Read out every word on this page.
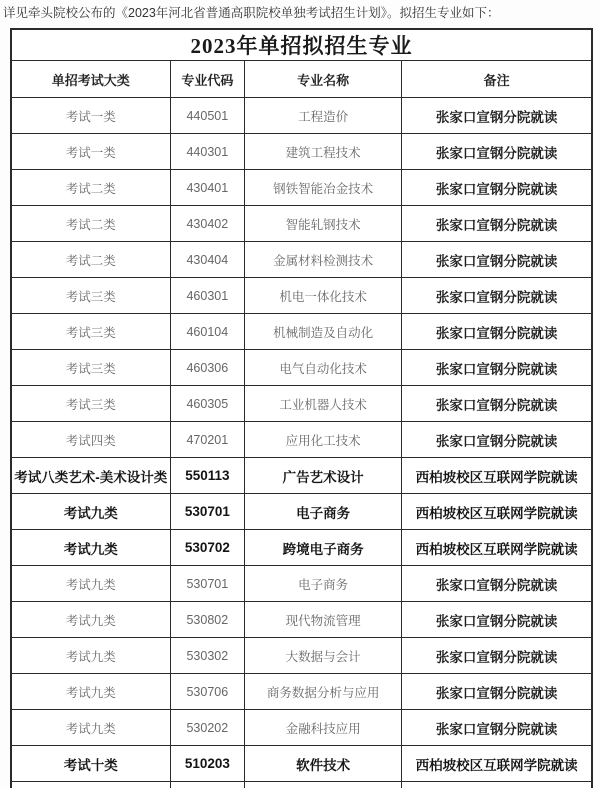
详见牵头院校公布的《2023年河北省普通高职院校单独考试招生计划》。拟招生专业如下：
2023年单招拟招生专业			
单招考试大类	专业代码	专业名称	备注
考试一类	440501	工程造价	张家口宣钢分院就读
考试一类	440301	建筑工程技术	张家口宣钢分院就读
考试二类	430401	钢铁智能冶金技术	张家口宣钢分院就读
考试二类	430402	智能轧钢技术	张家口宣钢分院就读
考试二类	430404	金属材料检测技术	张家口宣钢分院就读
考试三类	460301	机电一体化技术	张家口宣钢分院就读
考试三类	460104	机械制造及自动化	张家口宣钢分院就读
考试三类	460306	电气自动化技术	张家口宣钢分院就读
考试三类	460305	工业机器人技术	张家口宣钢分院就读
考试四类	470201	应用化工技术	张家口宣钢分院就读
考试八类艺术-美术设计类	550113	广告艺术设计	西柏坡校区互联网学院就读
考试九类	530701	电子商务	西柏坡校区互联网学院就读
考试九类	530702	跨境电子商务	西柏坡校区互联网学院就读
考试九类	530701	电子商务	张家口宣钢分院就读
考试九类	530802	现代物流管理	张家口宣钢分院就读
考试九类	530302	大数据与会计	张家口宣钢分院就读
考试九类	530706	商务数据分析与应用	张家口宣钢分院就读
考试九类	530202	金融科技应用	张家口宣钢分院就读
考试十类	510203	软件技术	西柏坡校区互联网学院就读
